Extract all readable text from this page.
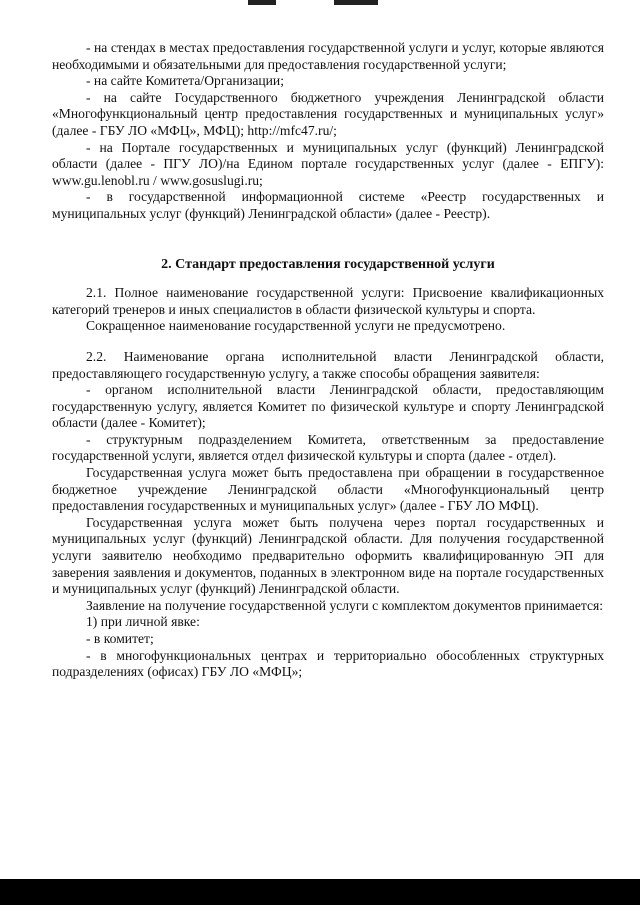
- на стендах в местах предоставления государственной услуги и услуг, которые являются необходимыми и обязательными для предоставления государственной услуги;

- на сайте Комитета/Организации;

- на сайте Государственного бюджетного учреждения Ленинградской области «Многофункциональный центр предоставления государственных и муниципальных услуг» (далее - ГБУ ЛО «МФЦ», МФЦ); http://mfc47.ru/;

- на Портале государственных и муниципальных услуг (функций) Ленинградской области (далее - ПГУ ЛО)/на Едином портале государственных услуг (далее - ЕПГУ): www.gu.lenobl.ru / www.gosuslugi.ru;

- в государственной информационной системе «Реестр государственных и муниципальных услуг (функций) Ленинградской области» (далее - Реестр).

2. Стандарт предоставления государственной услуги

2.1. Полное наименование государственной услуги: Присвоение квалификационных категорий тренеров и иных специалистов в области физической культуры и спорта.

Сокращенное наименование государственной услуги не предусмотрено.

2.2. Наименование органа исполнительной власти Ленинградской области, предоставляющего государственную услугу, а также способы обращения заявителя:

- органом исполнительной власти Ленинградской области, предоставляющим государственную услугу, является Комитет по физической культуре и спорту Ленинградской области (далее - Комитет);

- структурным подразделением Комитета, ответственным за предоставление государственной услуги, является отдел физической культуры и спорта (далее - отдел).

Государственная услуга может быть предоставлена при обращении в государственное бюджетное учреждение Ленинградской области «Многофункциональный центр предоставления государственных и муниципальных услуг» (далее - ГБУ ЛО МФЦ).

Государственная услуга может быть получена через портал государственных и муниципальных услуг (функций) Ленинградской области. Для получения государственной услуги заявителю необходимо предварительно оформить квалифицированную ЭП для заверения заявления и документов, поданных в электронном виде на портале государственных и муниципальных услуг (функций) Ленинградской области.

Заявление на получение государственной услуги с комплектом документов принимается:

1) при личной явке:

- в комитет;

- в многофункциональных центрах и территориально обособленных структурных подразделениях (офисах) ГБУ ЛО «МФЦ»;
